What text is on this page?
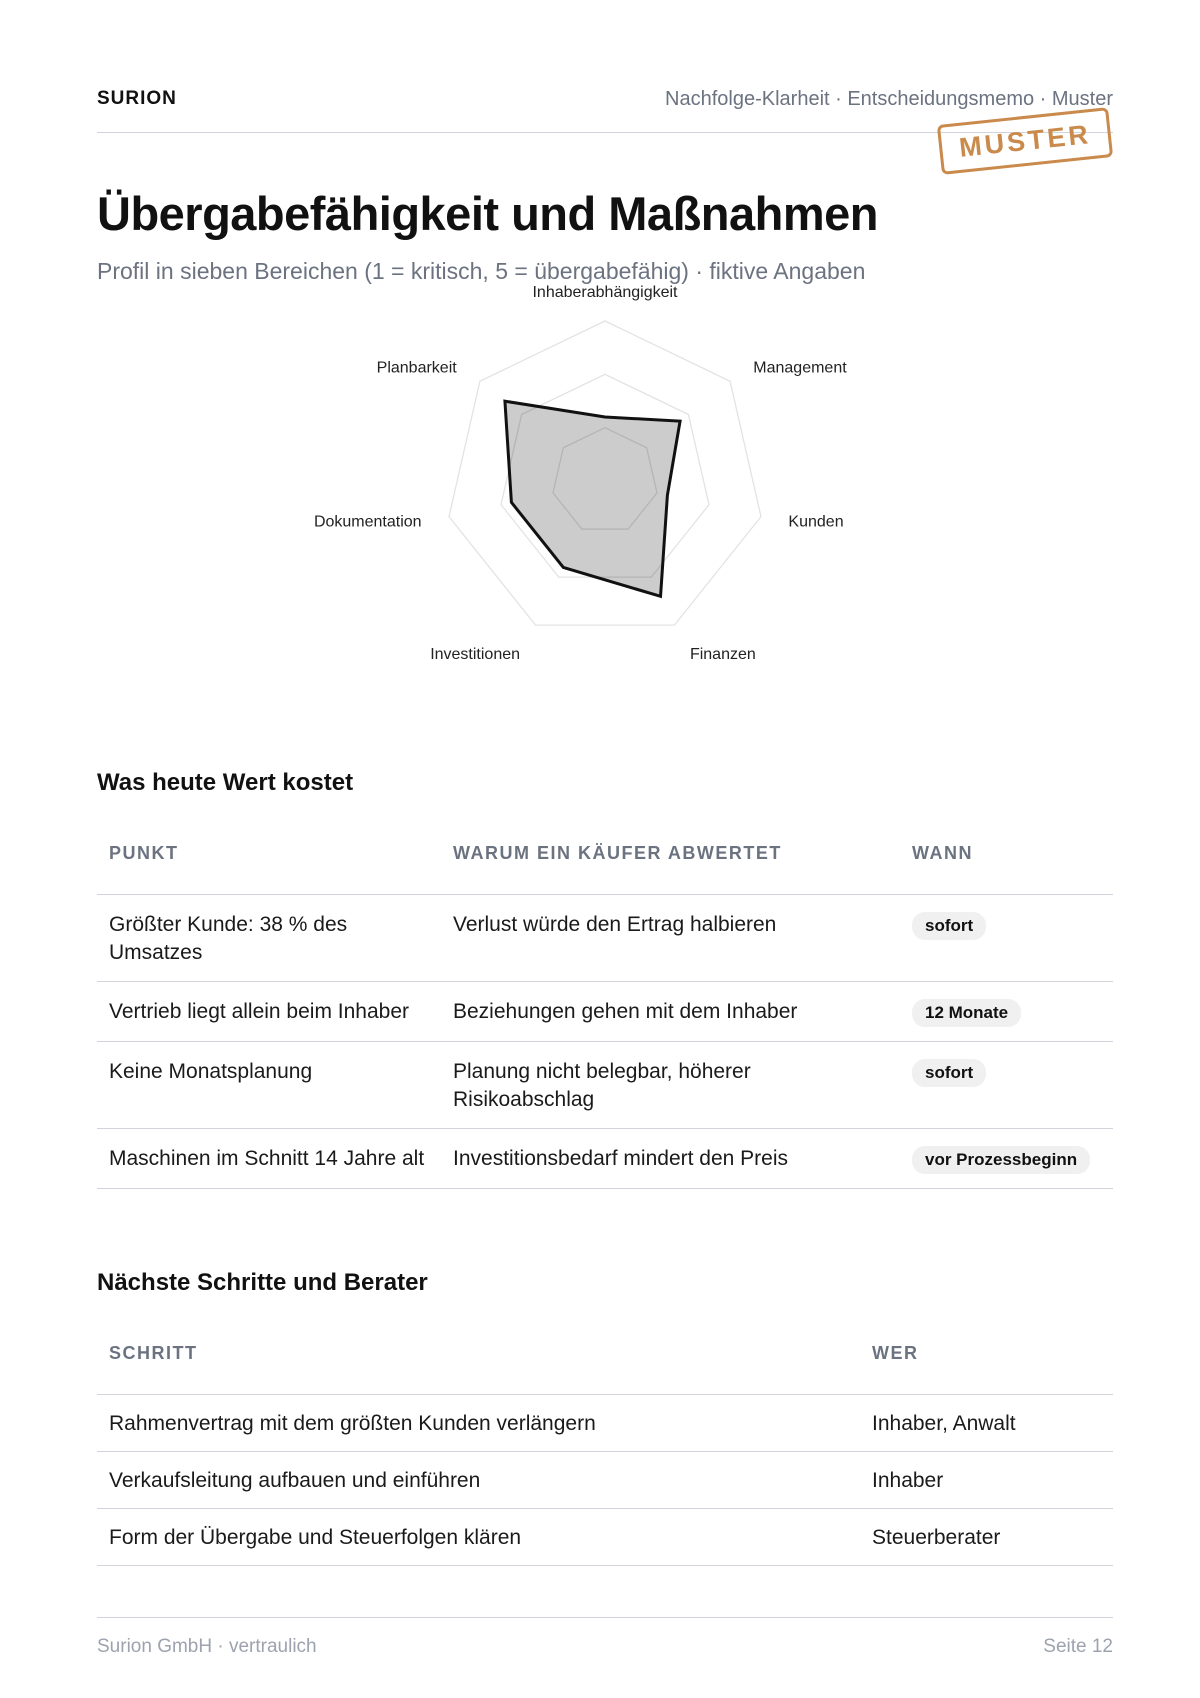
SURION	Nachfolge-Klarheit · Entscheidungsmemo · Muster
MUSTER
Übergabefähigkeit und Maßnahmen

Profil in sieben Bereichen (1 = kritisch, 5 = übergabefähig) · fiktive Angaben

Inhaberabhängigkeit
Management
Kunden
Finanzen
Investitionen
Dokumentation
Planbarkeit
Was heute Wert kostet
PUNKT	WARUM EIN KÄUFER ABWERTET	WANN
Größter Kunde: 38 % des Umsatzes	Verlust würde den Ertrag halbieren	sofort
Vertrieb liegt allein beim Inhaber	Beziehungen gehen mit dem Inhaber	12 Monate
Keine Monatsplanung	Planung nicht belegbar, höherer Risikoabschlag	sofort
Maschinen im Schnitt 14 Jahre alt	Investitionsbedarf mindert den Preis	vor Prozessbeginn
Nächste Schritte und Berater
SCHRITT	WER
Rahmenvertrag mit dem größten Kunden verlängern	Inhaber, Anwalt
Verkaufsleitung aufbauen und einführen	Inhaber
Form der Übergabe und Steuerfolgen klären	Steuerberater
Surion GmbH · vertraulich	Seite 12
